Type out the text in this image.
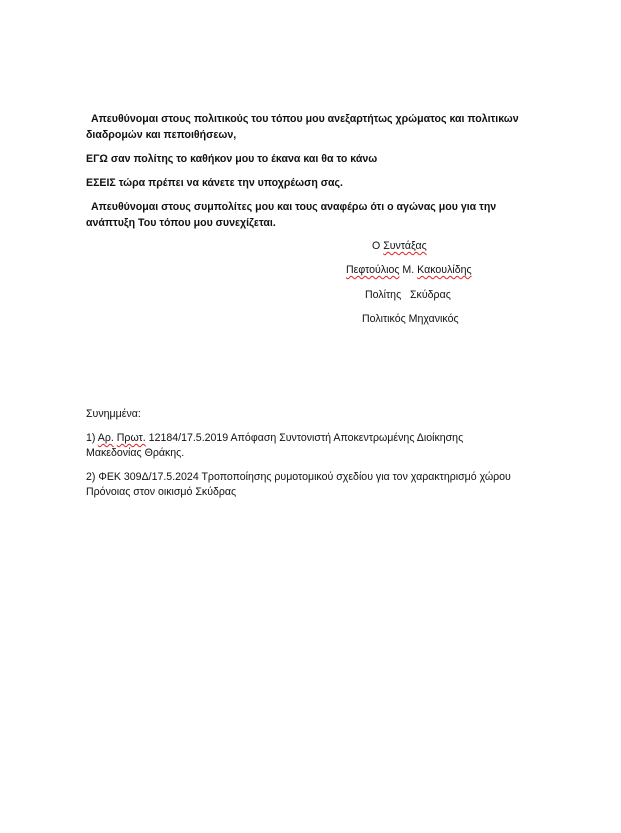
Απευθύνομαι στους πολιτικούς του τόπου μου ανεξαρτήτως χρώματος και πολιτικων
διαδρομών και πεποιθήσεων,

ΕΓΩ σαν πολίτης το καθήκον μου το έκανα και θα το κάνω

ΕΣΕΙΣ τώρα πρέπει να κάνετε την υποχρέωση σας.

Απευθύνομαι στους συμπολίτες μου και τους αναφέρω ότι ο αγώνας μου για την
ανάπτυξη Του τόπου μου συνεχίζεται.

Ο Συντάξας
Πεφτούλιος Μ. Κακουλίδης
Πολίτης   Σκύδρας
Πολιτικός Μηχανικός
Συνημμένα:
1) Αρ. Πρωτ. 12184/17.5.2019 Απόφαση Συντονιστή Αποκεντρωμένης Διοίκησης
Μακεδονίας Θράκης.
2) ΦΕΚ 309Δ/17.5.2024 Τροποποίησης ρυμοτομικού σχεδίου για τον χαρακτηρισμό χώρου
Πρόνοιας στον οικισμό Σκύδρας
